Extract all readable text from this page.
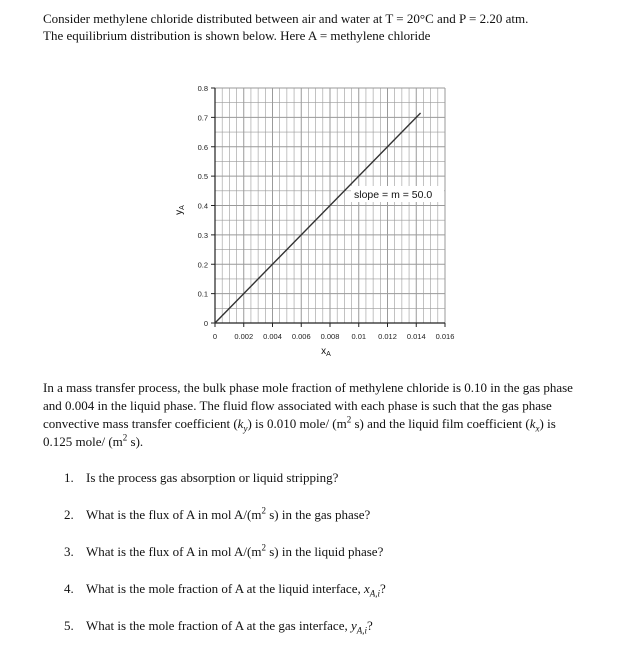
Consider methylene chloride distributed between air and water at T = 20°C and P = 2.20 atm.

The equilibrium distribution is shown below. Here A = methylene chloride

0
0.1
0.2
0.3
0.4
0.5
0.6
0.7
0.8
0 0.002 0.004 0.006 0.008 0.01 0.012 0.014 0.016
slope = m = 50.0
$y_A$
$x_A$

In a mass transfer process, the bulk phase mole fraction of methylene chloride is 0.10 in the gas phase and 0.004 in the liquid phase. The fluid flow associated with each phase is such that the gas phase convective mass transfer coefficient $(k_y)$ is 0.010 mole/ ($m^2$ s) and the liquid film coefficient $(k_x)$ is 0.125 mole/ ($m^2$ s).

1. Is the process gas absorption or liquid stripping?
2. What is the flux of A in mol $A/(m^2$ s) in the gas phase?
3. What is the flux of A in mol $A/(m^2$ s) in the liquid phase?
4. What is the mole fraction of A at the liquid interface, $x_{A,i}$?
5. What is the mole fraction of A at the gas interface, $y_{A,i}$?
